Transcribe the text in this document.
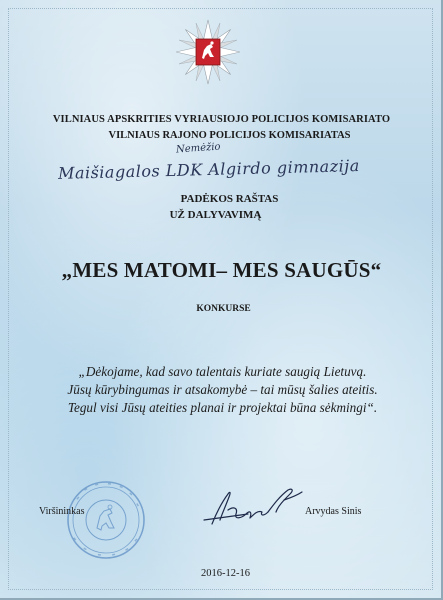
VILNIAUS APSKRITIES VYRIAUSIOJO POLICIJOS KOMISARIATO
VILNIAUS RAJONO POLICIJOS KOMISARIATAS
Nemėžio
Maišiagalos LDK Algirdo gimnazija
PADĖKOS RAŠTAS
UŽ DALYVAVIMĄ
„MES MATOMI– MES SAUGŪS“
KONKURSE
„Dėkojame, kad savo talentais kuriate saugią Lietuvą.
Jūsų kūrybingumas ir atsakomybė – tai mūsų šalies ateitis.
Tegul visi Jūsų ateities planai ir projektai būna sėkmingi“.
Viršininkas	Arvydas Sinis
2016-12-16
